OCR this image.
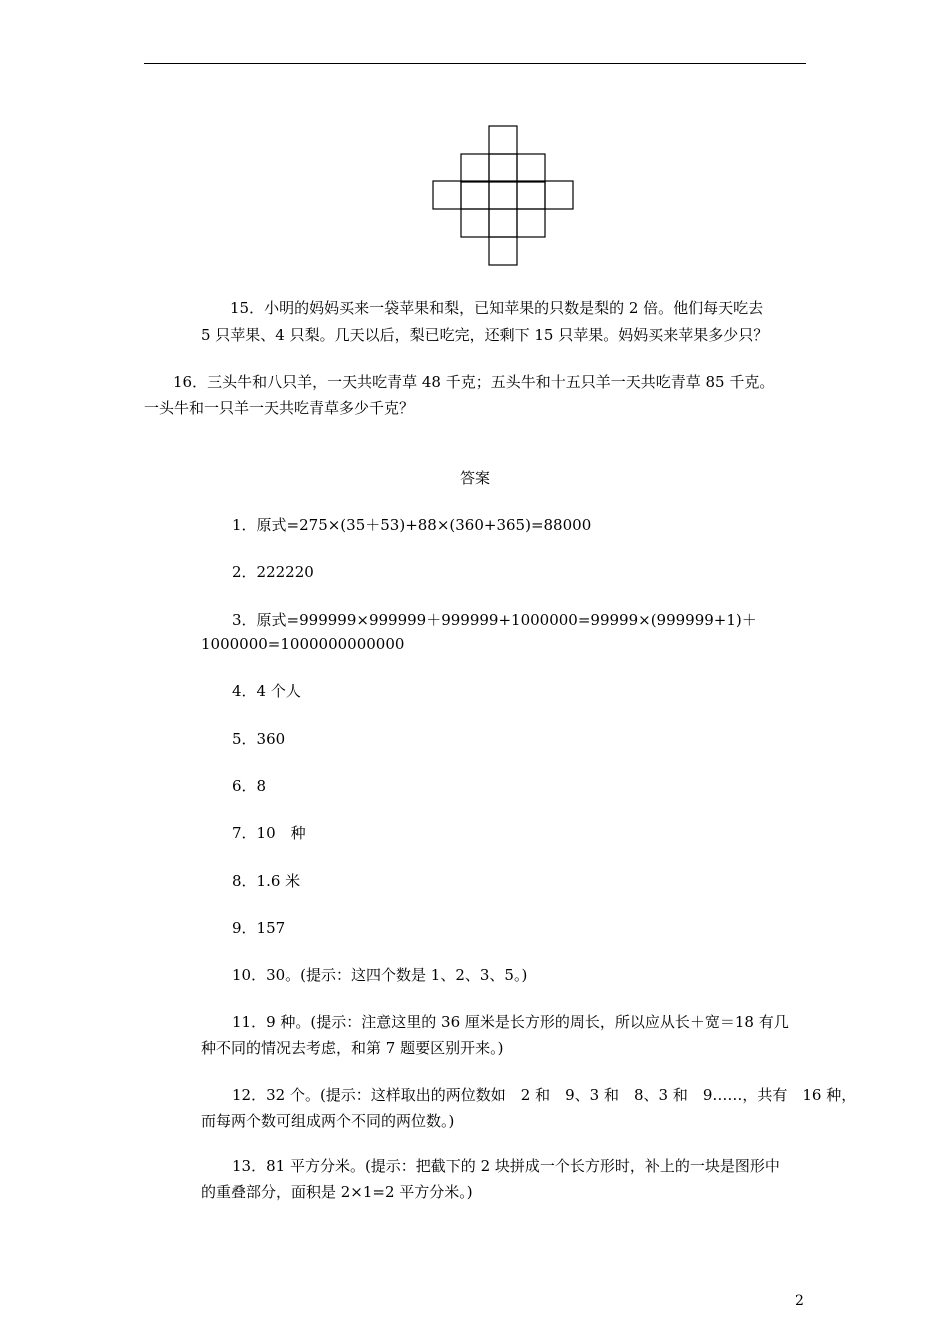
15．小明的妈妈买来一袋苹果和梨，已知苹果的只数是梨的 2 倍。他们每天吃去
5 只苹果、4 只梨。几天以后，梨已吃完，还剩下 15 只苹果。妈妈买来苹果多少只？
16．三头牛和八只羊，一天共吃青草 48 千克；五头牛和十五只羊一天共吃青草 85 千克。
一头牛和一只羊一天共吃青草多少千克？
答案
1．原式=275×(35＋53)+88×(360+365)=88000
2．222220
3．原式=999999×999999＋999999+1000000=99999×(999999+1)＋
1000000=1000000000000
4．4 个人
5．360
6．8
7．10　种
8．1.6 米
9．157
10．30。(提示：这四个数是 1、2、3、5。)
11．9 种。(提示：注意这里的 36 厘米是长方形的周长，所以应从长＋宽＝18 有几
种不同的情况去考虑，和第 7 题要区别开来。)
12．32 个。(提示：这样取出的两位数如　2 和　9、3 和　8、3 和　9……，共有　16 种，
而每两个数可组成两个不同的两位数。)
13．81 平方分米。(提示：把截下的 2 块拼成一个长方形时，补上的一块是图形中
的重叠部分，面积是 2×1=2 平方分米。)
2
